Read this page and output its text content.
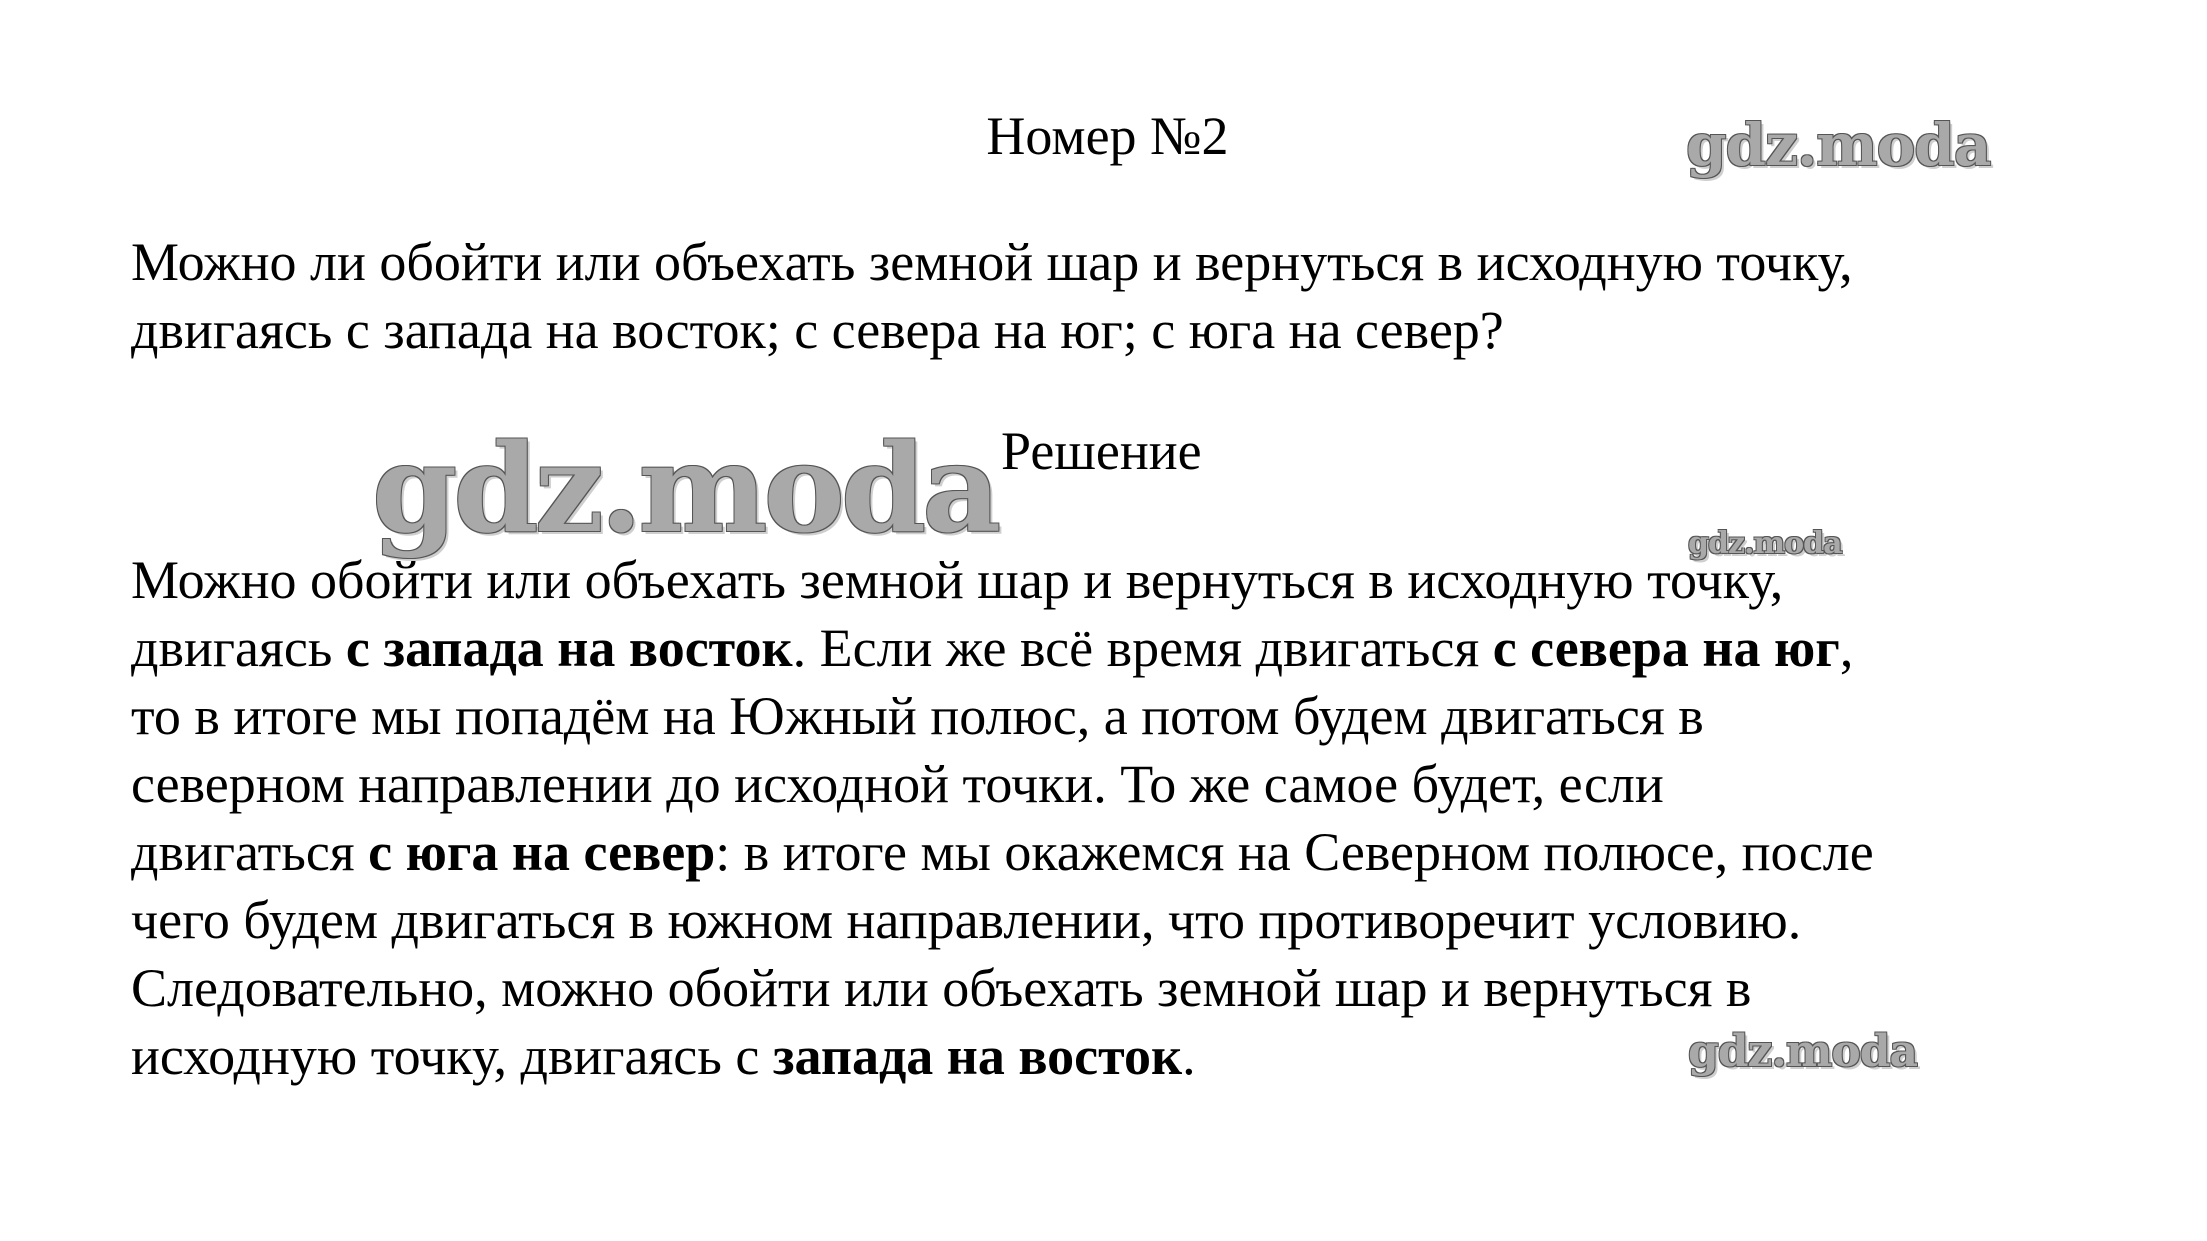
Номер №2
Можно ли обойти или объехать земной шар и вернуться в исходную точку,
двигаясь с запада на восток; с севера на юг; с юга на север?
Решение
Можно обойти или объехать земной шар и вернуться в исходную точку,
двигаясь с запада на восток. Если же всё время двигаться с севера на юг,
то в итоге мы попадём на Южный полюс, а потом будем двигаться в
северном направлении до исходной точки. То же самое будет, если
двигаться с юга на север: в итоге мы окажемся на Северном полюсе, после
чего будем двигаться в южном направлении, что противоречит условию.
Следовательно, можно обойти или объехать земной шар и вернуться в
исходную точку, двигаясь с запада на восток.
gdz.moda
gdz.moda	gdz.moda
gdz.moda
